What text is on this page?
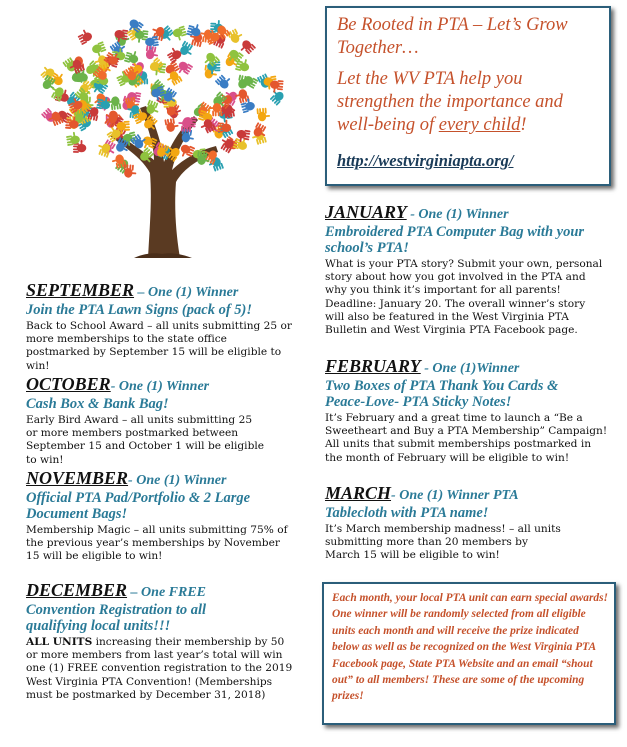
Be Rooted in PTA – Let’s Grow Together…

Let the WV PTA help you strengthen the importance and well-being of every child!

http://westvirginiapta.org/

SEPTEMBER – One (1) Winner
Join the PTA Lawn Signs (pack of 5)!
Back to School Award – all units submitting 25 or more memberships to the state office postmarked by September 15 will be eligible to win!
OCTOBER- One (1) Winner
Cash Box & Bank Bag!
Early Bird Award – all units submitting 25 or more members postmarked between September 15 and October 1 will be eligible to win!
NOVEMBER- One (1) Winner
Official PTA Pad/Portfolio & 2 Large Document Bags!
Membership Magic – all units submitting 75% of the previous year’s memberships by November 15 will be eligible to win!
DECEMBER – One FREE
Convention Registration to all qualifying local units!!!
ALL UNITS increasing their membership by 50 or more members from last year’s total will win one (1) FREE convention registration to the 2019 West Virginia PTA Convention! (Memberships must be postmarked by December 31, 2018)
JANUARY - One (1) Winner
Embroidered PTA Computer Bag with your school’s PTA!
What is your PTA story? Submit your own, personal story about how you got involved in the PTA and why you think it’s important for all parents! Deadline: January 20. The overall winner’s story will also be featured in the West Virginia PTA Bulletin and West Virginia PTA Facebook page.
FEBRUARY - One (1)Winner
Two Boxes of PTA Thank You Cards & Peace-Love- PTA Sticky Notes!
It’s February and a great time to launch a “Be a Sweetheart and Buy a PTA Membership” Campaign! All units that submit memberships postmarked in the month of February will be eligible to win!
MARCH- One (1) Winner PTA
Tablecloth with PTA name!
It’s March membership madness! – all units submitting more than 20 members by March 15 will be eligible to win!
Each month, your local PTA unit can earn special awards! One winner will be randomly selected from all eligible units each month and will receive the prize indicated below as well as be recognized on the West Virginia PTA Facebook page, State PTA Website and an email “shout out” to all members! These are some of the upcoming prizes!
